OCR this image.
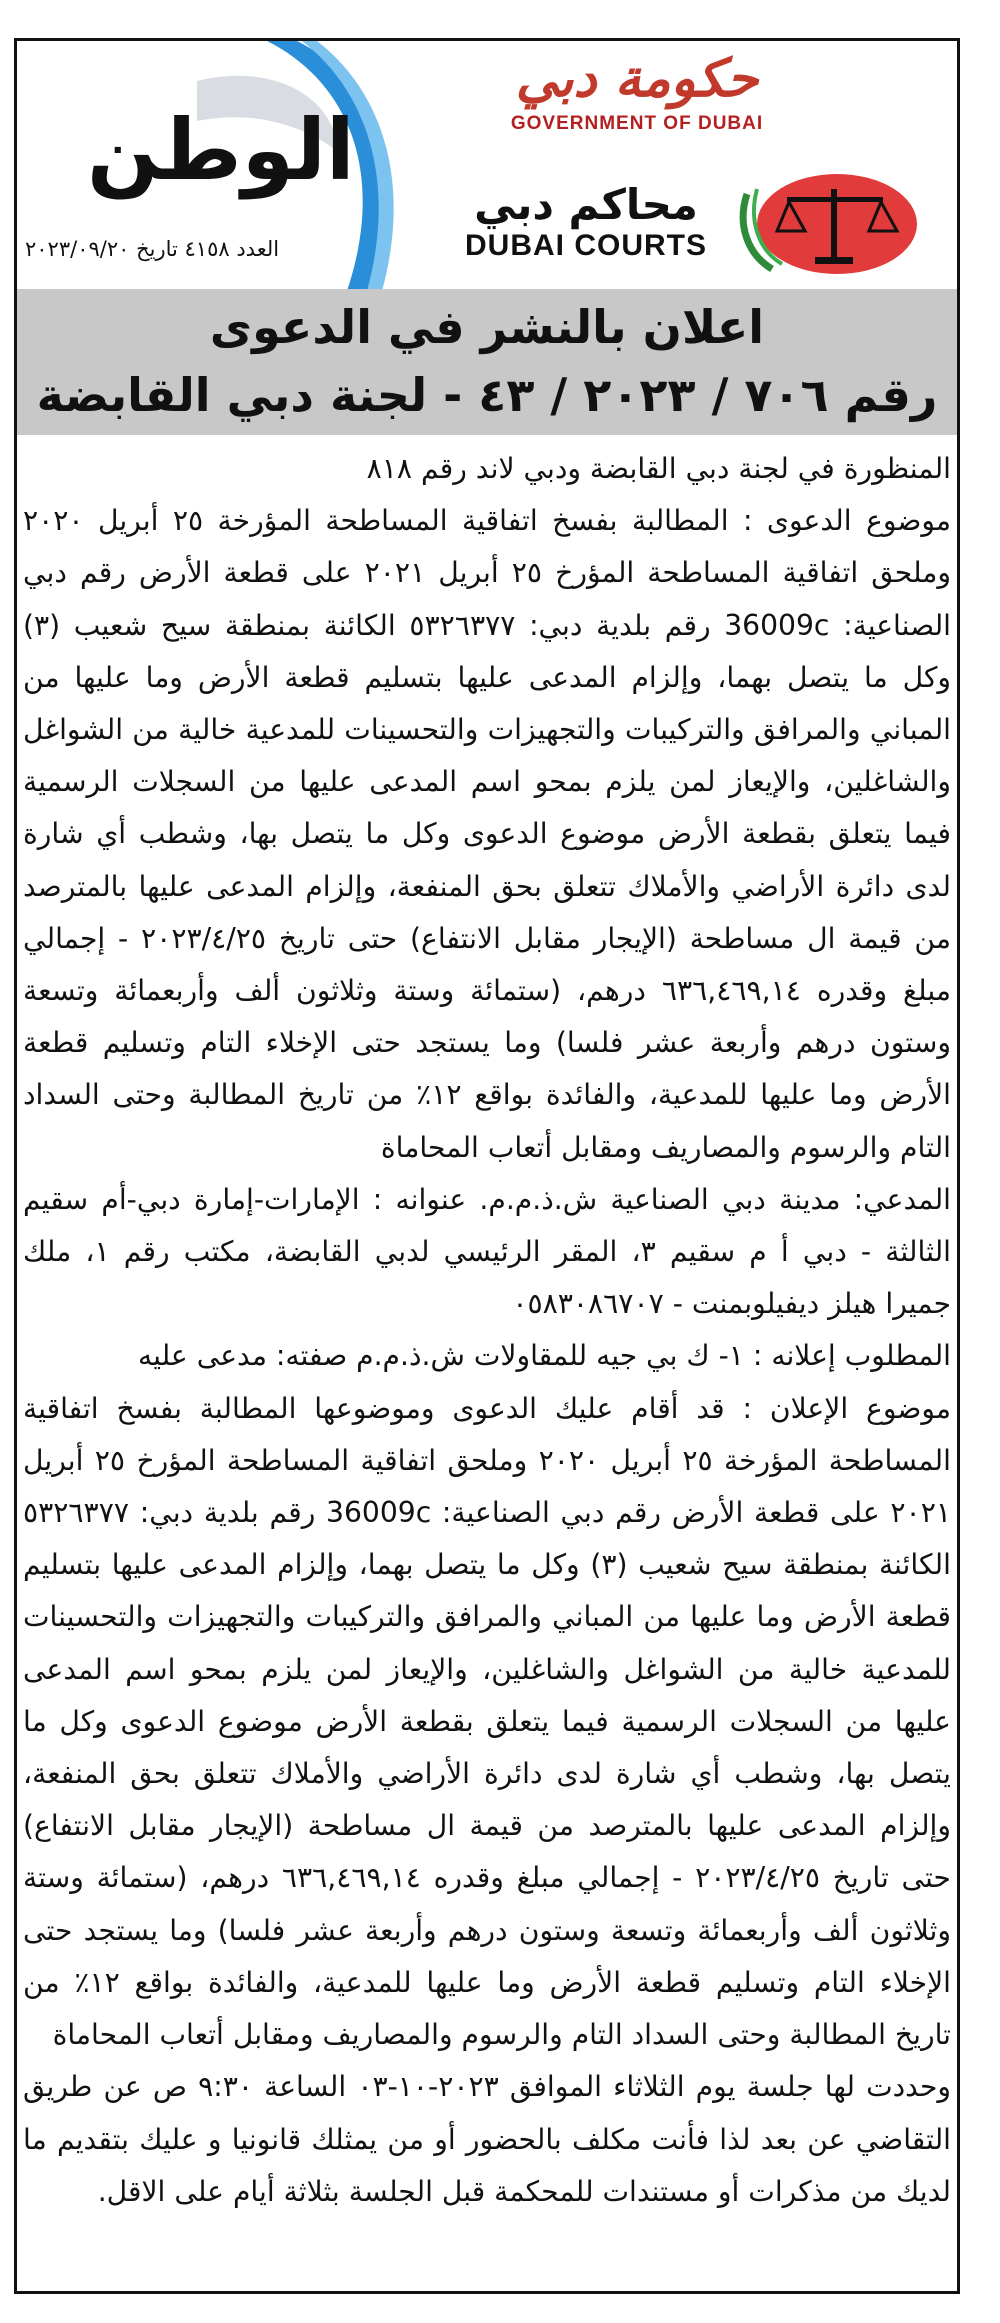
الوطن
العدد ٤١٥٨ تاريخ ٢٠٢٣/٠٩/٢٠
حكومة دبي
GOVERNMENT OF DUBAI
محاكم دبي
DUBAI COURTS
اعلان بالنشر في الدعوى
رقم ٧٠٦ / ٢٠٢٣ / ٤٣ - لجنة دبي القابضة

المنظورة في لجنة دبي القابضة ودبي لاند رقم ٨١٨

موضوع الدعوى : المطالبة بفسخ اتفاقية المساطحة المؤرخة ٢٥ أبريل ٢٠٢٠ وملحق اتفاقية المساطحة المؤرخ ٢٥ أبريل ٢٠٢١ على قطعة الأرض رقم دبي الصناعية: 36009c رقم بلدية دبي: ٥٣٢٦٣٧٧ الكائنة بمنطقة سيح شعيب (٣) وكل ما يتصل بهما، وإلزام المدعى عليها بتسليم قطعة الأرض وما عليها من المباني والمرافق والتركيبات والتجهيزات والتحسينات للمدعية خالية من الشواغل والشاغلين، والإيعاز لمن يلزم بمحو اسم المدعى عليها من السجلات الرسمية فيما يتعلق بقطعة الأرض موضوع الدعوى وكل ما يتصل بها، وشطب أي شارة لدى دائرة الأراضي والأملاك تتعلق بحق المنفعة، وإلزام المدعى عليها بالمترصد من قيمة ال مساطحة (الإيجار مقابل الانتفاع) حتى تاريخ ٢٠٢٣/٤/٢٥ - إجمالي مبلغ وقدره ٦٣٦,٤٦٩,١٤ درهم، (ستمائة وستة وثلاثون ألف وأربعمائة وتسعة وستون درهم وأربعة عشر فلسا) وما يستجد حتى الإخلاء التام وتسليم قطعة الأرض وما عليها للمدعية، والفائدة بواقع ١٢٪ من تاريخ المطالبة وحتى السداد التام والرسوم والمصاريف ومقابل أتعاب المحاماة

المدعي: مدينة دبي الصناعية ش.ذ.م.م. عنوانه : الإمارات-إمارة دبي-أم سقيم الثالثة - دبي أ م سقيم ٣، المقر الرئيسي لدبي القابضة، مكتب رقم ١، ملك جميرا هيلز ديفيلوبمنت - ٠٥٨٣٠٨٦٧٠٧

المطلوب إعلانه : ١- ك بي جيه للمقاولات ش.ذ.م.م صفته: مدعى عليه

موضوع الإعلان : قد أقام عليك الدعوى وموضوعها المطالبة بفسخ اتفاقية المساطحة المؤرخة ٢٥ أبريل ٢٠٢٠ وملحق اتفاقية المساطحة المؤرخ ٢٥ أبريل ٢٠٢١ على قطعة الأرض رقم دبي الصناعية: 36009c رقم بلدية دبي: ٥٣٢٦٣٧٧ الكائنة بمنطقة سيح شعيب (٣) وكل ما يتصل بهما، وإلزام المدعى عليها بتسليم قطعة الأرض وما عليها من المباني والمرافق والتركيبات والتجهيزات والتحسينات للمدعية خالية من الشواغل والشاغلين، والإيعاز لمن يلزم بمحو اسم المدعى عليها من السجلات الرسمية فيما يتعلق بقطعة الأرض موضوع الدعوى وكل ما يتصل بها، وشطب أي شارة لدى دائرة الأراضي والأملاك تتعلق بحق المنفعة، وإلزام المدعى عليها بالمترصد من قيمة ال مساطحة (الإيجار مقابل الانتفاع) حتى تاريخ ٢٠٢٣/٤/٢٥ - إجمالي مبلغ وقدره ٦٣٦,٤٦٩,١٤ درهم، (ستمائة وستة وثلاثون ألف وأربعمائة وتسعة وستون درهم وأربعة عشر فلسا) وما يستجد حتى الإخلاء التام وتسليم قطعة الأرض وما عليها للمدعية، والفائدة بواقع ١٢٪ من تاريخ المطالبة وحتى السداد التام والرسوم والمصاريف ومقابل أتعاب المحاماة

وحددت لها جلسة يوم الثلاثاء الموافق ٢٠٢٣-١٠-٠٣ الساعة ٩:٣٠ ص عن طريق التقاضي عن بعد لذا فأنت مكلف بالحضور أو من يمثلك قانونيا و عليك بتقديم ما لديك من مذكرات أو مستندات للمحكمة قبل الجلسة بثلاثة أيام على الاقل.
